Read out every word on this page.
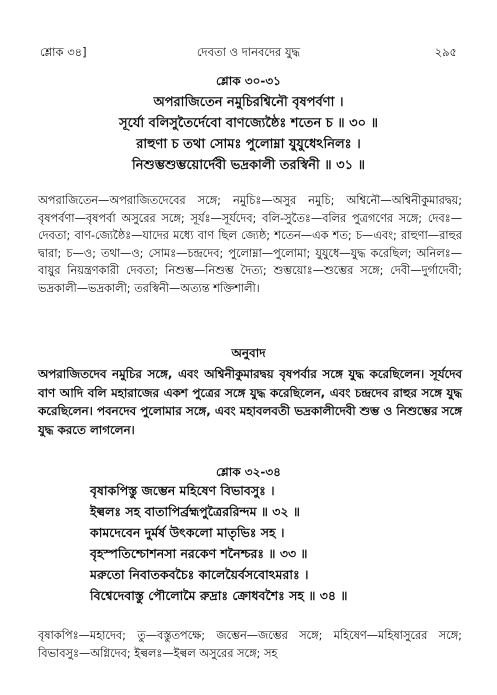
শ্লোক ৩৪]	দেবতা ও দানবদের যুদ্ধ	২৯৫
শ্লোক ৩০-৩১
অপরাজিতেন নমুচিরশ্বিনৌ বৃষপর্বণা ।
সূর্যো বলিসুতৈর্দেবো বাণজ্যেষ্ঠৈঃ শতেন চ ॥ ৩০ ॥
রাহুণা চ তথা সোমঃ পুলোম্না যুযুধেঽনিলঃ ।
নিশুম্ভশুম্ভয়োর্দেবী ভদ্রকালী তরস্বিনী ॥ ৩১ ॥
অপরাজিতেন—অপরাজিতদেবের সঙ্গে; নমুচিঃ—অসুর নমুচি; অশ্বিনৌ—অশ্বিনীকুমারদ্বয়; বৃষপর্বণা—বৃষপর্বা অসুরের সঙ্গে; সূর্যঃ—সূর্যদেব; বলি-সুতৈঃ—বলির পুত্রগণের সঙ্গে; দেবঃ—দেবতা; বাণ-জ্যেষ্ঠৈঃ—যাদের মধ্যে বাণ ছিল জ্যেষ্ঠ; শতেন—এক শত; চ—এবং; রাহুণা—রাহুর দ্বারা; চ—ও; তথা—ও; সোমঃ—চন্দ্রদেব; পুলোম্না—পুলোমা; যুযুধে—যুদ্ধ করেছিল; অনিলঃ—বায়ুর নিয়ন্ত্রণকারী দেবতা; নিশুম্ভ—নিশুম্ভ দৈত্য; শুম্ভয়োঃ—শুম্ভের সঙ্গে; দেবী—দুর্গাদেবী; ভদ্রকালী—ভদ্রকালী; তরস্বিনী—অত্যন্ত শক্তিশালী।
অনুবাদ
অপরাজিতদেব নমুচির সঙ্গে, এবং অশ্বিনীকুমারদ্বয় বৃষপর্বার সঙ্গে যুদ্ধ করেছিলেন। সূর্যদেব বাণ আদি বলি মহারাজের একশ পুত্রের সঙ্গে যুদ্ধ করেছিলেন, এবং চন্দ্রদেব রাহুর সঙ্গে যুদ্ধ করেছিলেন। পবনদেব পুলোমার সঙ্গে, এবং মহাবলবতী ভদ্রকালীদেবী শুম্ভ ও নিশুম্ভের সঙ্গে যুদ্ধ করতে লাগলেন।
শ্লোক ৩২-৩৪
বৃষাকপিস্তু জম্ভেন মহিষেণ বিভাবসুঃ ।
ইল্বলঃ সহ বাতাপির্ব্রহ্মপুত্রৈররিন্দম ॥ ৩২ ॥
কামদেবেন দুর্মর্ষ উৎকলো মাতৃভিঃ সহ ।
বৃহস্পতিশ্চোশনসা নরকেণ শনৈশ্চরঃ ॥ ৩৩ ॥
মরুতো নিবাতকবচৈঃ কালেয়ৈর্বসবোঽমরাঃ ।
বিশ্বেদেবাস্তু পৌলোমৈ রুদ্রাঃ ক্রোধবশৈঃ সহ ॥ ৩৪ ॥
বৃষাকপিঃ—মহাদেব; তু—বস্তুতপক্ষে; জম্ভেন—জম্ভের সঙ্গে; মহিষেণ—মহিষাসুরের সঙ্গে; বিভাবসুঃ—অগ্নিদেব; ইল্বলঃ—ইল্বল অসুরের সঙ্গে; সহ
